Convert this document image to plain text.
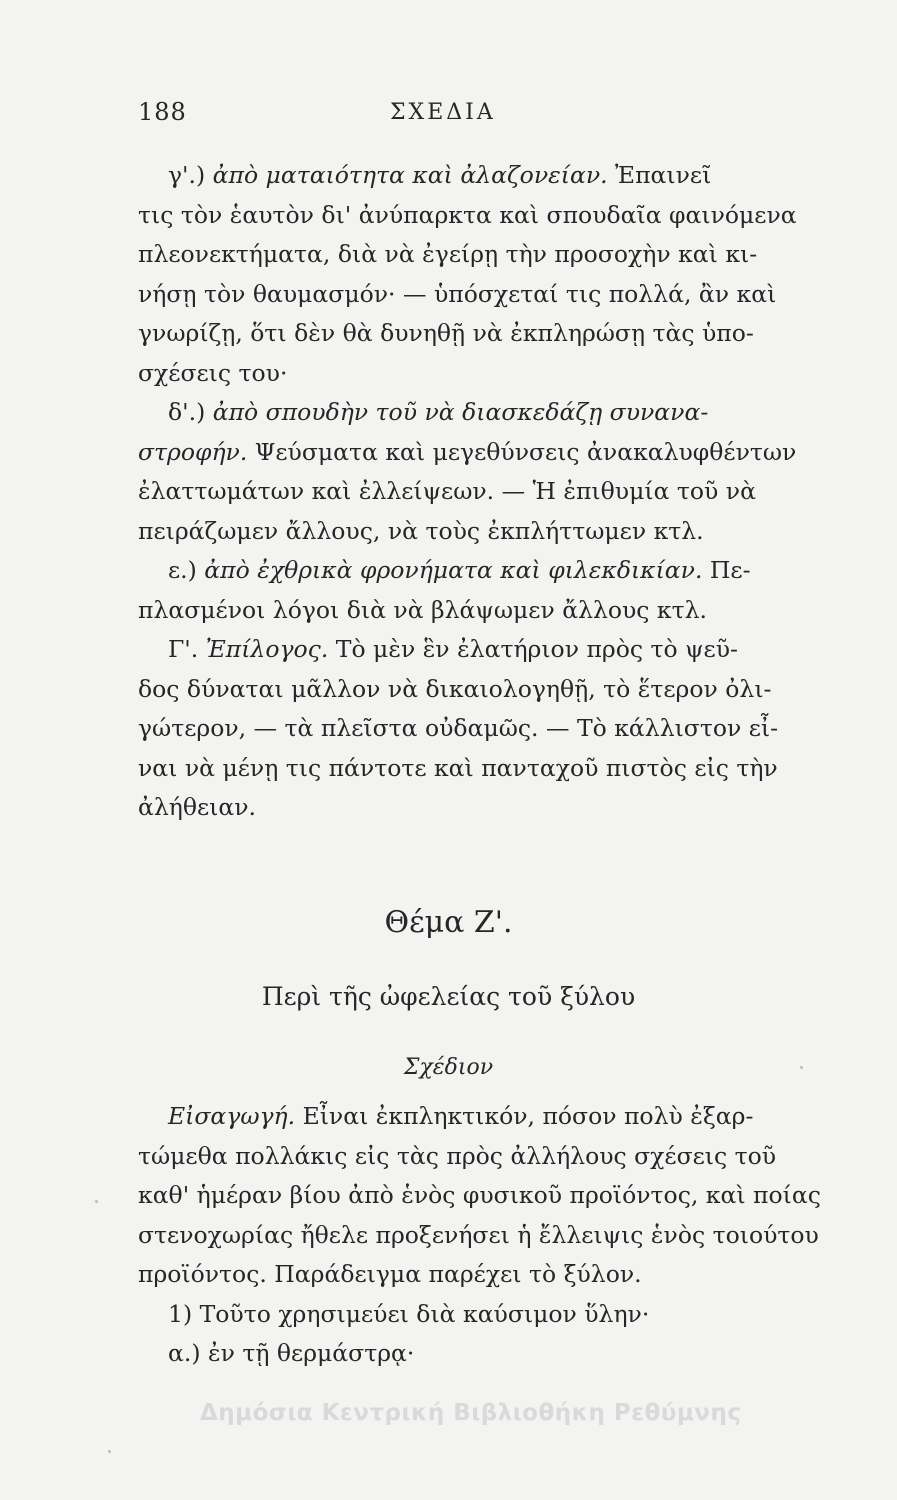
188	ΣΧΕΔΙΑ
γ'.) ἀπὸ ματαιότητα καὶ ἀλαζονείαν. Ἐπαινεῖ
τις τὸν ἑαυτὸν δι' ἀνύπαρκτα καὶ σπουδαῖα φαινόμενα
πλεονεκτήματα, διὰ νὰ ἐγείρῃ τὴν προσοχὴν καὶ κι-
νήσῃ τὸν θαυμασμόν· — ὑπόσχεταί τις πολλά, ἂν καὶ
γνωρίζῃ, ὅτι δὲν θὰ δυνηθῇ νὰ ἐκπληρώσῃ τὰς ὑπο-
σχέσεις του·
δ'.) ἀπὸ σπουδὴν τοῦ νὰ διασκεδάζῃ συνανα-
στροφήν. Ψεύσματα καὶ μεγεθύνσεις ἀνακαλυφθέντων
ἐλαττωμάτων καὶ ἐλλείψεων. — Ἡ ἐπιθυμία τοῦ νὰ
πειράζωμεν ἄλλους, νὰ τοὺς ἐκπλήττωμεν κτλ.
ε.) ἀπὸ ἐχθρικὰ φρονήματα καὶ φιλεκδικίαν. Πε-
πλασμένοι λόγοι διὰ νὰ βλάψωμεν ἄλλους κτλ.
Γ'. Ἐπίλογος. Τὸ μὲν ἓν ἐλατήριον πρὸς τὸ ψεῦ-
δος δύναται μᾶλλον νὰ δικαιολογηθῇ, τὸ ἕτερον ὀλι-
γώτερον, — τὰ πλεῖστα οὐδαμῶς. — Τὸ κάλλιστον εἶ-
ναι νὰ μένῃ τις πάντοτε καὶ πανταχοῦ πιστὸς εἰς τὴν
ἀλήθειαν.
Θέμα Ζ'.
Περὶ τῆς ὠφελείας τοῦ ξύλου
Σχέδιον
Εἰσαγωγή. Εἶναι ἐκπληκτικόν, πόσον πολὺ ἐξαρ-
τώμεθα πολλάκις εἰς τὰς πρὸς ἀλλήλους σχέσεις τοῦ
καθ' ἡμέραν βίου ἀπὸ ἑνὸς φυσικοῦ προϊόντος, καὶ ποίας
στενοχωρίας ἤθελε προξενήσει ἡ ἔλλειψις ἑνὸς τοιούτου
προϊόντος. Παράδειγμα παρέχει τὸ ξύλον.
1) Τοῦτο χρησιμεύει διὰ καύσιμον ὕλην·
α.) ἐν τῇ θερμάστρᾳ·
Δημόσια Κεντρική Βιβλιοθήκη Ρεθύμνης
